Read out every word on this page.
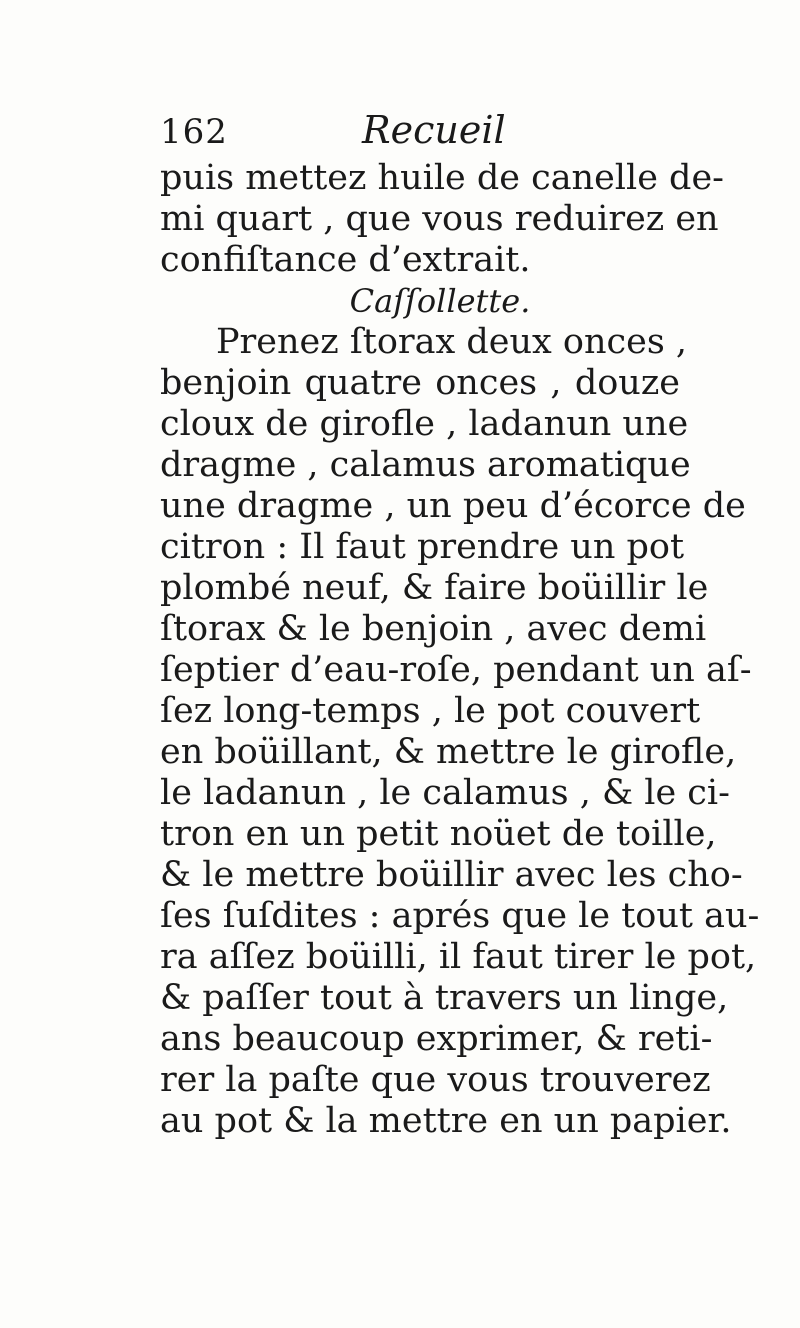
162	Recueil
puis mettez huile de canelle de-
mi quart , que vous reduirez en
confiſtance d’extrait.
Caſſollette.
Prenez ſtorax deux onces ,
benjoin quatre onces , douze
cloux de girofle , ladanun une
dragme , calamus aromatique
une dragme , un peu d’écorce de
citron : Il faut prendre un pot
plombé neuf, & faire boüillir le
ſtorax & le benjoin , avec demi
ſeptier d’eau-roſe, pendant un aſ-
ſez long-temps , le pot couvert
en boüillant, & mettre le girofle,
le ladanun , le calamus , & le ci-
tron en un petit noüet de toille,
& le mettre boüillir avec les cho-
ſes ſuſdites : aprés que le tout au-
ra aſſez boüilli, il faut tirer le pot,
& paſſer tout à travers un linge,
ans beaucoup exprimer, & reti-
rer la paſte que vous trouverez
au pot & la mettre en un papier.
